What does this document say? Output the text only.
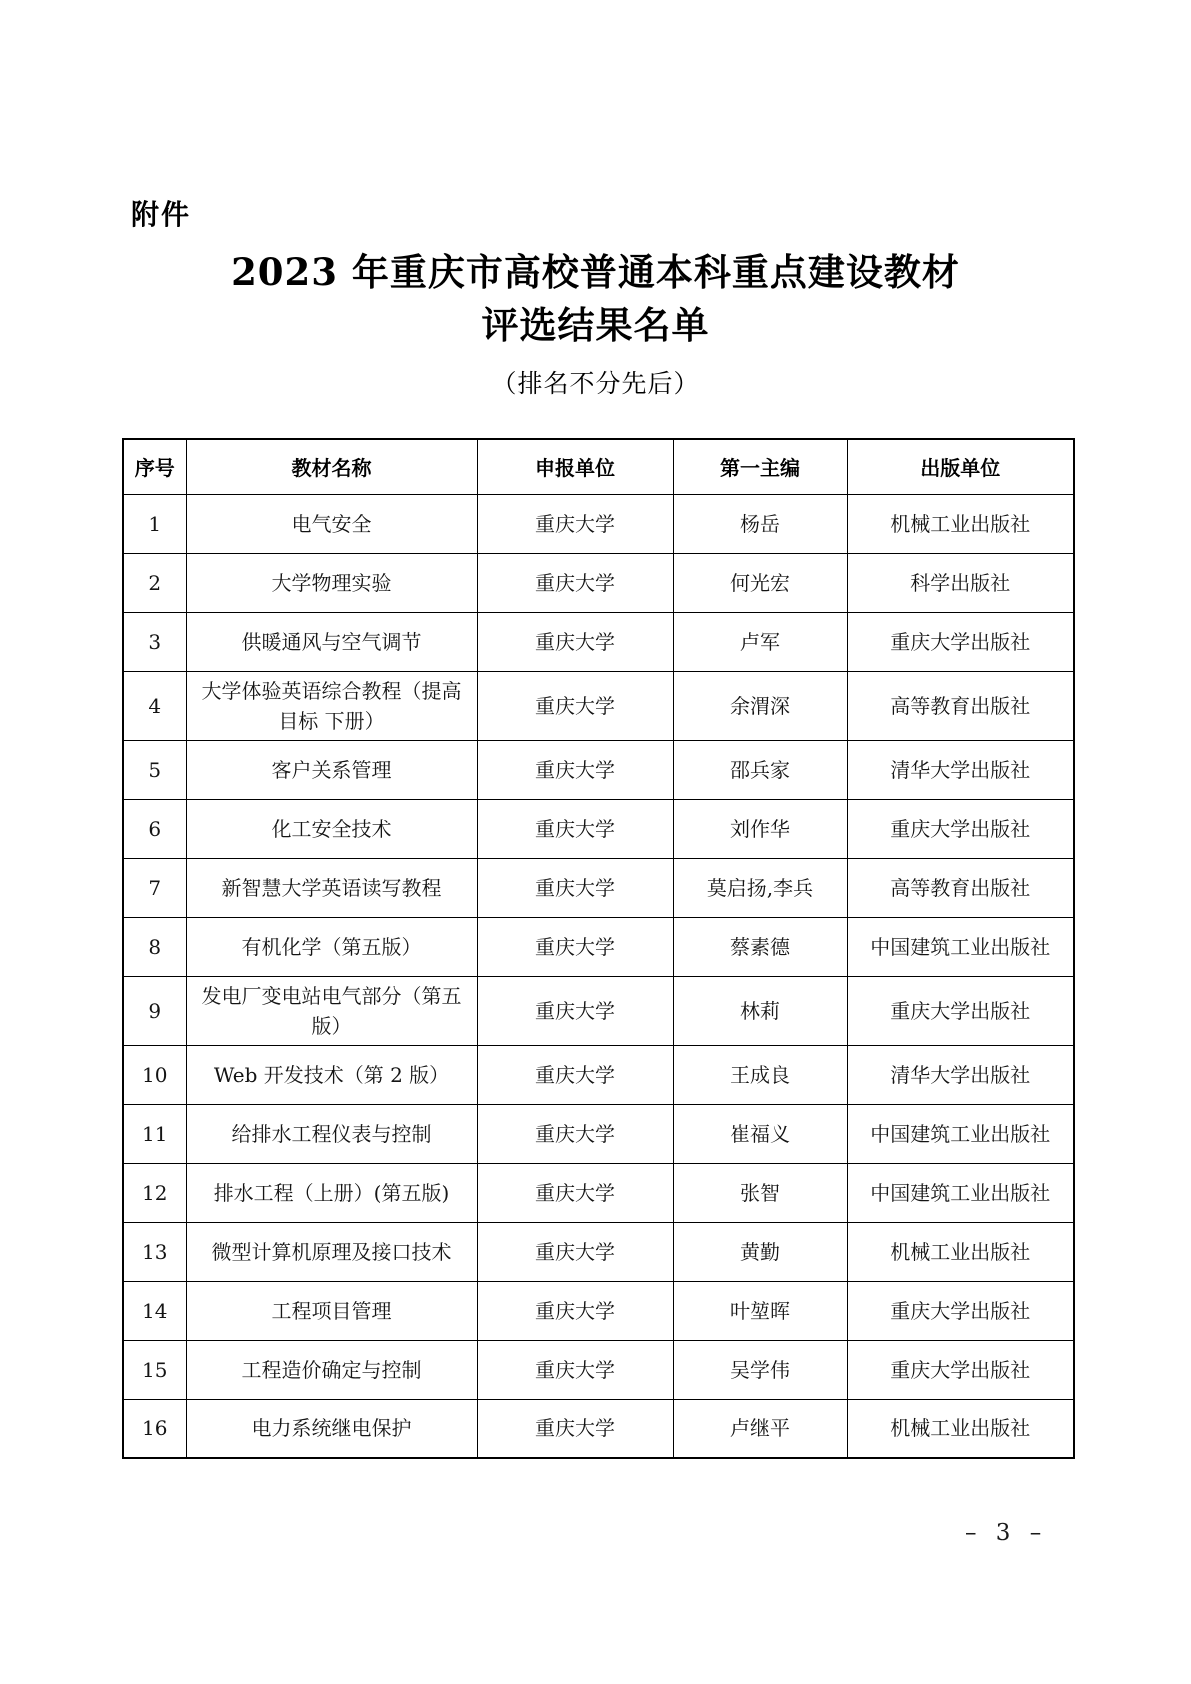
附件
2023 年重庆市高校普通本科重点建设教材
评选结果名单
（排名不分先后）
序号	教材名称	申报单位	第一主编	出版单位
1	电气安全	重庆大学	杨岳	机械工业出版社
2	大学物理实验	重庆大学	何光宏	科学出版社
3	供暖通风与空气调节	重庆大学	卢军	重庆大学出版社
4	大学体验英语综合教程（提高目标 下册）	重庆大学	余渭深	高等教育出版社
5	客户关系管理	重庆大学	邵兵家	清华大学出版社
6	化工安全技术	重庆大学	刘作华	重庆大学出版社
7	新智慧大学英语读写教程	重庆大学	莫启扬,李兵	高等教育出版社
8	有机化学（第五版）	重庆大学	蔡素德	中国建筑工业出版社
9	发电厂变电站电气部分（第五版）	重庆大学	林莉	重庆大学出版社
10	Web 开发技术（第 2 版）	重庆大学	王成良	清华大学出版社
11	给排水工程仪表与控制	重庆大学	崔福义	中国建筑工业出版社
12	排水工程（上册）(第五版)	重庆大学	张智	中国建筑工业出版社
13	微型计算机原理及接口技术	重庆大学	黄勤	机械工业出版社
14	工程项目管理	重庆大学	叶堃晖	重庆大学出版社
15	工程造价确定与控制	重庆大学	吴学伟	重庆大学出版社
16	电力系统继电保护	重庆大学	卢继平	机械工业出版社
– 3 –
